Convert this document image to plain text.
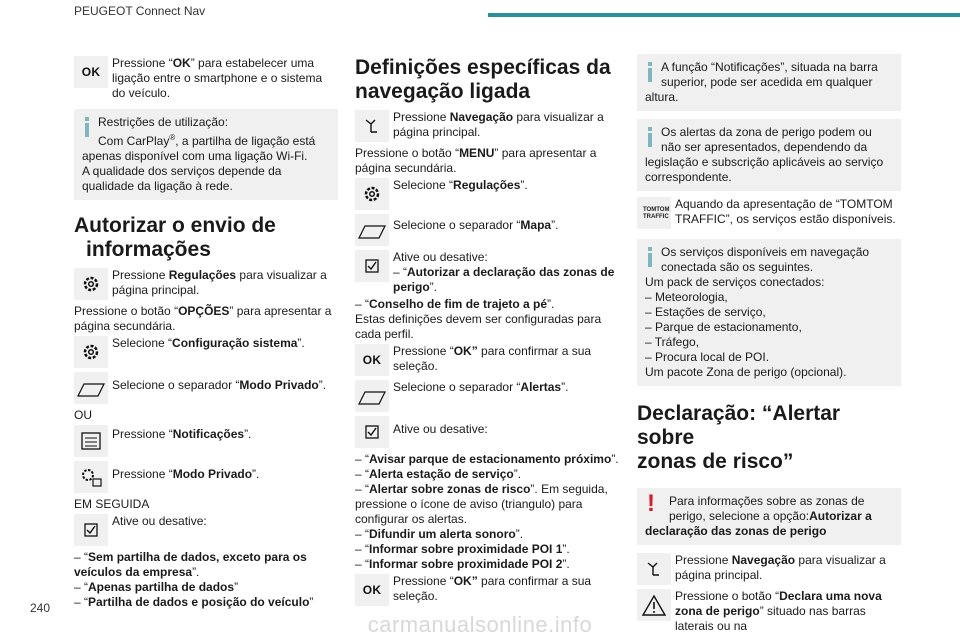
PEUGEOT Connect Nav
OK

Pressione “OK” para estabelecer uma ligação entre o smartphone e o sistema do veículo.

Restrições de utilização:

Com CarPlay®, a partilha de ligação está apenas disponível com uma ligação Wi-Fi.

A qualidade dos serviços depende da qualidade da ligação à rede.

Autorizar o envio de
informações

Pressione Regulações para visualizar a página principal.

Pressione o botão “OPÇÕES” para apresentar a página secundária.

Selecione “Configuração sistema”.

Selecione o separador “Modo Privado”.

OU

Pressione “Notificações”.

Pressione “Modo Privado”.

EM SEGUIDA

Ative ou desative:

– “Sem partilha de dados, exceto para os veículos da empresa”.

– “Apenas partilha de dados”

– “Partilha de dados e posição do veículo”

Definições específicas da
navegação ligada

Pressione Navegação para visualizar a página principal.

Pressione o botão “MENU” para apresentar a página secundária.

Selecione “Regulações”.

Selecione o separador “Mapa”.

Ative ou desative:

– “Autorizar a declaração das zonas de perigo”.

– “Conselho de fim de trajeto a pé”.

Estas definições devem ser configuradas para cada perfil.

OK

Pressione “OK” para confirmar a sua seleção.

Selecione o separador “Alertas”.

Ative ou desative:

– “Avisar parque de estacionamento próximo”.

– “Alerta estação de serviço”.

– “Alertar sobre zonas de risco”. Em seguida, pressione o ícone de aviso (triangulo) para configurar os alertas.

– “Difundir um alerta sonoro”.

– “Informar sobre proximidade POI 1”.

– “Informar sobre proximidade POI 2”.

OK

Pressione “OK” para confirmar a sua seleção.

A função “Notificações”, situada na barra superior, pode ser acedida em qualquer altura.

Os alertas da zona de perigo podem ou não ser apresentados, dependendo da legislação e subscrição aplicáveis ao serviço correspondente.

TOMTOM TRAFFIC

Aquando da apresentação de “TOMTOM TRAFFIC”, os serviços estão disponíveis.

Os serviços disponíveis em navegação conectada são os seguintes.

Um pack de serviços conectados:

– Meteorologia,

– Estações de serviço,

– Parque de estacionamento,

– Tráfego,

– Procura local de POI.

Um pacote Zona de perigo (opcional).

Declaração: “Alertar sobre
zonas de risco”
!	Para informações sobre as zonas de perigo, selecione a opção:Autorizar a declaração das zonas de perigo

Pressione Navegação para visualizar a página principal.

Pressione o botão “Declara uma nova zona de perigo” situado nas barras laterais ou na

240
carmanualsonline.info
